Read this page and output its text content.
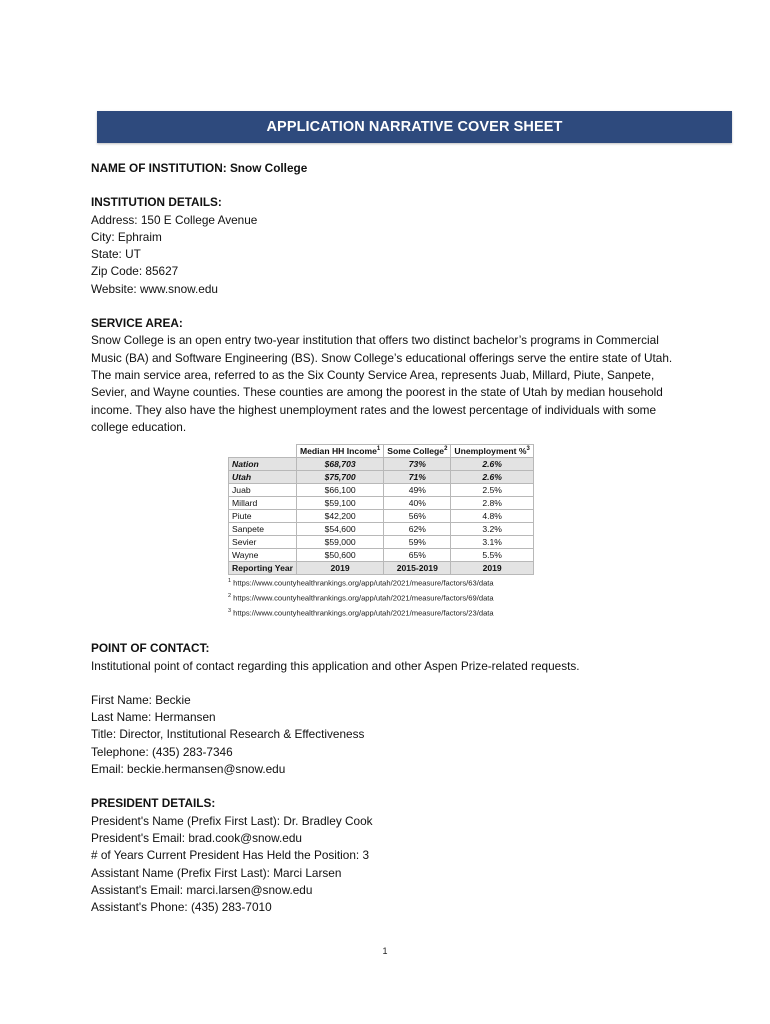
APPLICATION NARRATIVE COVER SHEET

NAME OF INSTITUTION: Snow College

INSTITUTION DETAILS:

Address: 150 E College Avenue

City: Ephraim

State: UT

Zip Code: 85627

Website: www.snow.edu

SERVICE AREA:

Snow College is an open entry two-year institution that offers two distinct bachelor’s programs in Commercial Music (BA) and Software Engineering (BS). Snow College’s educational offerings serve the entire state of Utah. The main service area, referred to as the Six County Service Area, represents Juab, Millard, Piute, Sanpete, Sevier, and Wayne counties. These counties are among the poorest in the state of Utah by median household income. They also have the highest unemployment rates and the lowest percentage of individuals with some college education.

	Median HH Income$^1$	Some College$^2$	Unemployment %$^3$
Nation	$68,703	73%	2.6%
Utah	$75,700	71%	2.6%
Juab	$66,100	49%	2.5%
Millard	$59,100	40%	2.8%
Piute	$42,200	56%	4.8%
Sanpete	$54,600	62%	3.2%
Sevier	$59,000	59%	3.1%
Wayne	$50,600	65%	5.5%
Reporting Year	2019	2015-2019	2019
$^1$ https://www.countyhealthrankings.org/app/utah/2021/measure/factors/63/data
$^2$ https://www.countyhealthrankings.org/app/utah/2021/measure/factors/69/data
$^3$ https://www.countyhealthrankings.org/app/utah/2021/measure/factors/23/data

POINT OF CONTACT:

Institutional point of contact regarding this application and other Aspen Prize-related requests.

First Name: Beckie

Last Name: Hermansen

Title: Director, Institutional Research & Effectiveness

Telephone: (435) 283-7346

Email: beckie.hermansen@snow.edu

PRESIDENT DETAILS:

President's Name (Prefix First Last): Dr. Bradley Cook

President's Email: brad.cook@snow.edu

# of Years Current President Has Held the Position: 3

Assistant Name (Prefix First Last): Marci Larsen

Assistant's Email: marci.larsen@snow.edu

Assistant's Phone: (435) 283-7010

1
